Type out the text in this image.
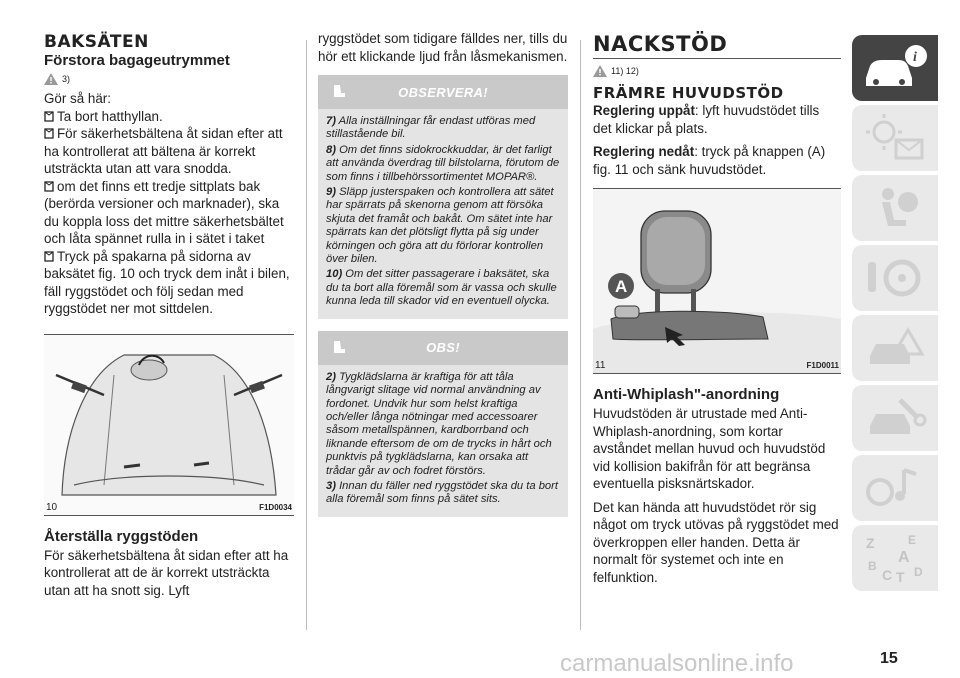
BAKSÄTEN
Förstora bagageutrymmet
3)

Gör så här:

Ta bort hatthyllan.

För säkerhetsbältena åt sidan efter att ha kontrollerat att bältena är korrekt utsträckta utan att vara snodda.

om det finns ett tredje sittplats bak (berörda versioner och marknader), ska du koppla loss det mittre säkerhetsbältet och låta spännet rulla in i sätet i taket

Tryck på spakarna på sidorna av baksätet fig. 10 och tryck dem inåt i bilen, fäll ryggstödet och följ sedan med ryggstödet ner mot sittdelen.

10	F1D0034
Återställa ryggstöden

För säkerhetsbältena åt sidan efter att ha kontrollerat att de är korrekt utsträckta utan att ha snott sig. Lyft

ryggstödet som tidigare fälldes ner, tills du hör ett klickande ljud från låsmekanismen.

OBSERVERA!

7) Alla inställningar får endast utföras med stillastående bil.

8) Om det finns sidokrockkuddar, är det farligt att använda överdrag till bilstolarna, förutom de som finns i tillbehörssortimentet MOPAR®.

9) Släpp justerspaken och kontrollera att sätet har spärrats på skenorna genom att försöka skjuta det framåt och bakåt. Om sätet inte har spärrats kan det plötsligt flytta på sig under körningen och göra att du förlorar kontrollen över bilen.

10) Om det sitter passagerare i baksätet, ska du ta bort alla föremål som är vassa och skulle kunna leda till skador vid en eventuell olycka.

OBS!

2) Tygklädslarna är kraftiga för att tåla långvarigt slitage vid normal användning av fordonet. Undvik hur som helst kraftiga och/eller långa nötningar med accessoarer såsom metallspännen, kardborrband och liknande eftersom de om de trycks in hårt och punktvis på tygklädslarna, kan orsaka att trådar går av och fodret förstörs.

3) Innan du fäller ned ryggstödet ska du ta bort alla föremål som finns på sätet sits.

NACKSTÖD
11) 12)
FRÄMRE HUVUDSTÖD

Reglering uppåt: lyft huvudstödet tills det klickar på plats.

Reglering nedåt: tryck på knappen (A) fig. 11 och sänk huvudstödet.

A
11	F1D0011
Anti-Whiplash"-anordning

Huvudstöden är utrustade med Anti-Whiplash-anordning, som kortar avståndet mellan huvud och huvudstöd vid kollision bakifrån för att begränsa eventuella pisksnärtskador.

Det kan hända att huvudstödet rör sig något om tryck utövas på ryggstödet med överkroppen eller handen. Detta är normalt för systemet och inte en felfunktion.

i
Z	E
A
B
C T D
carmanualsonline.info	15
